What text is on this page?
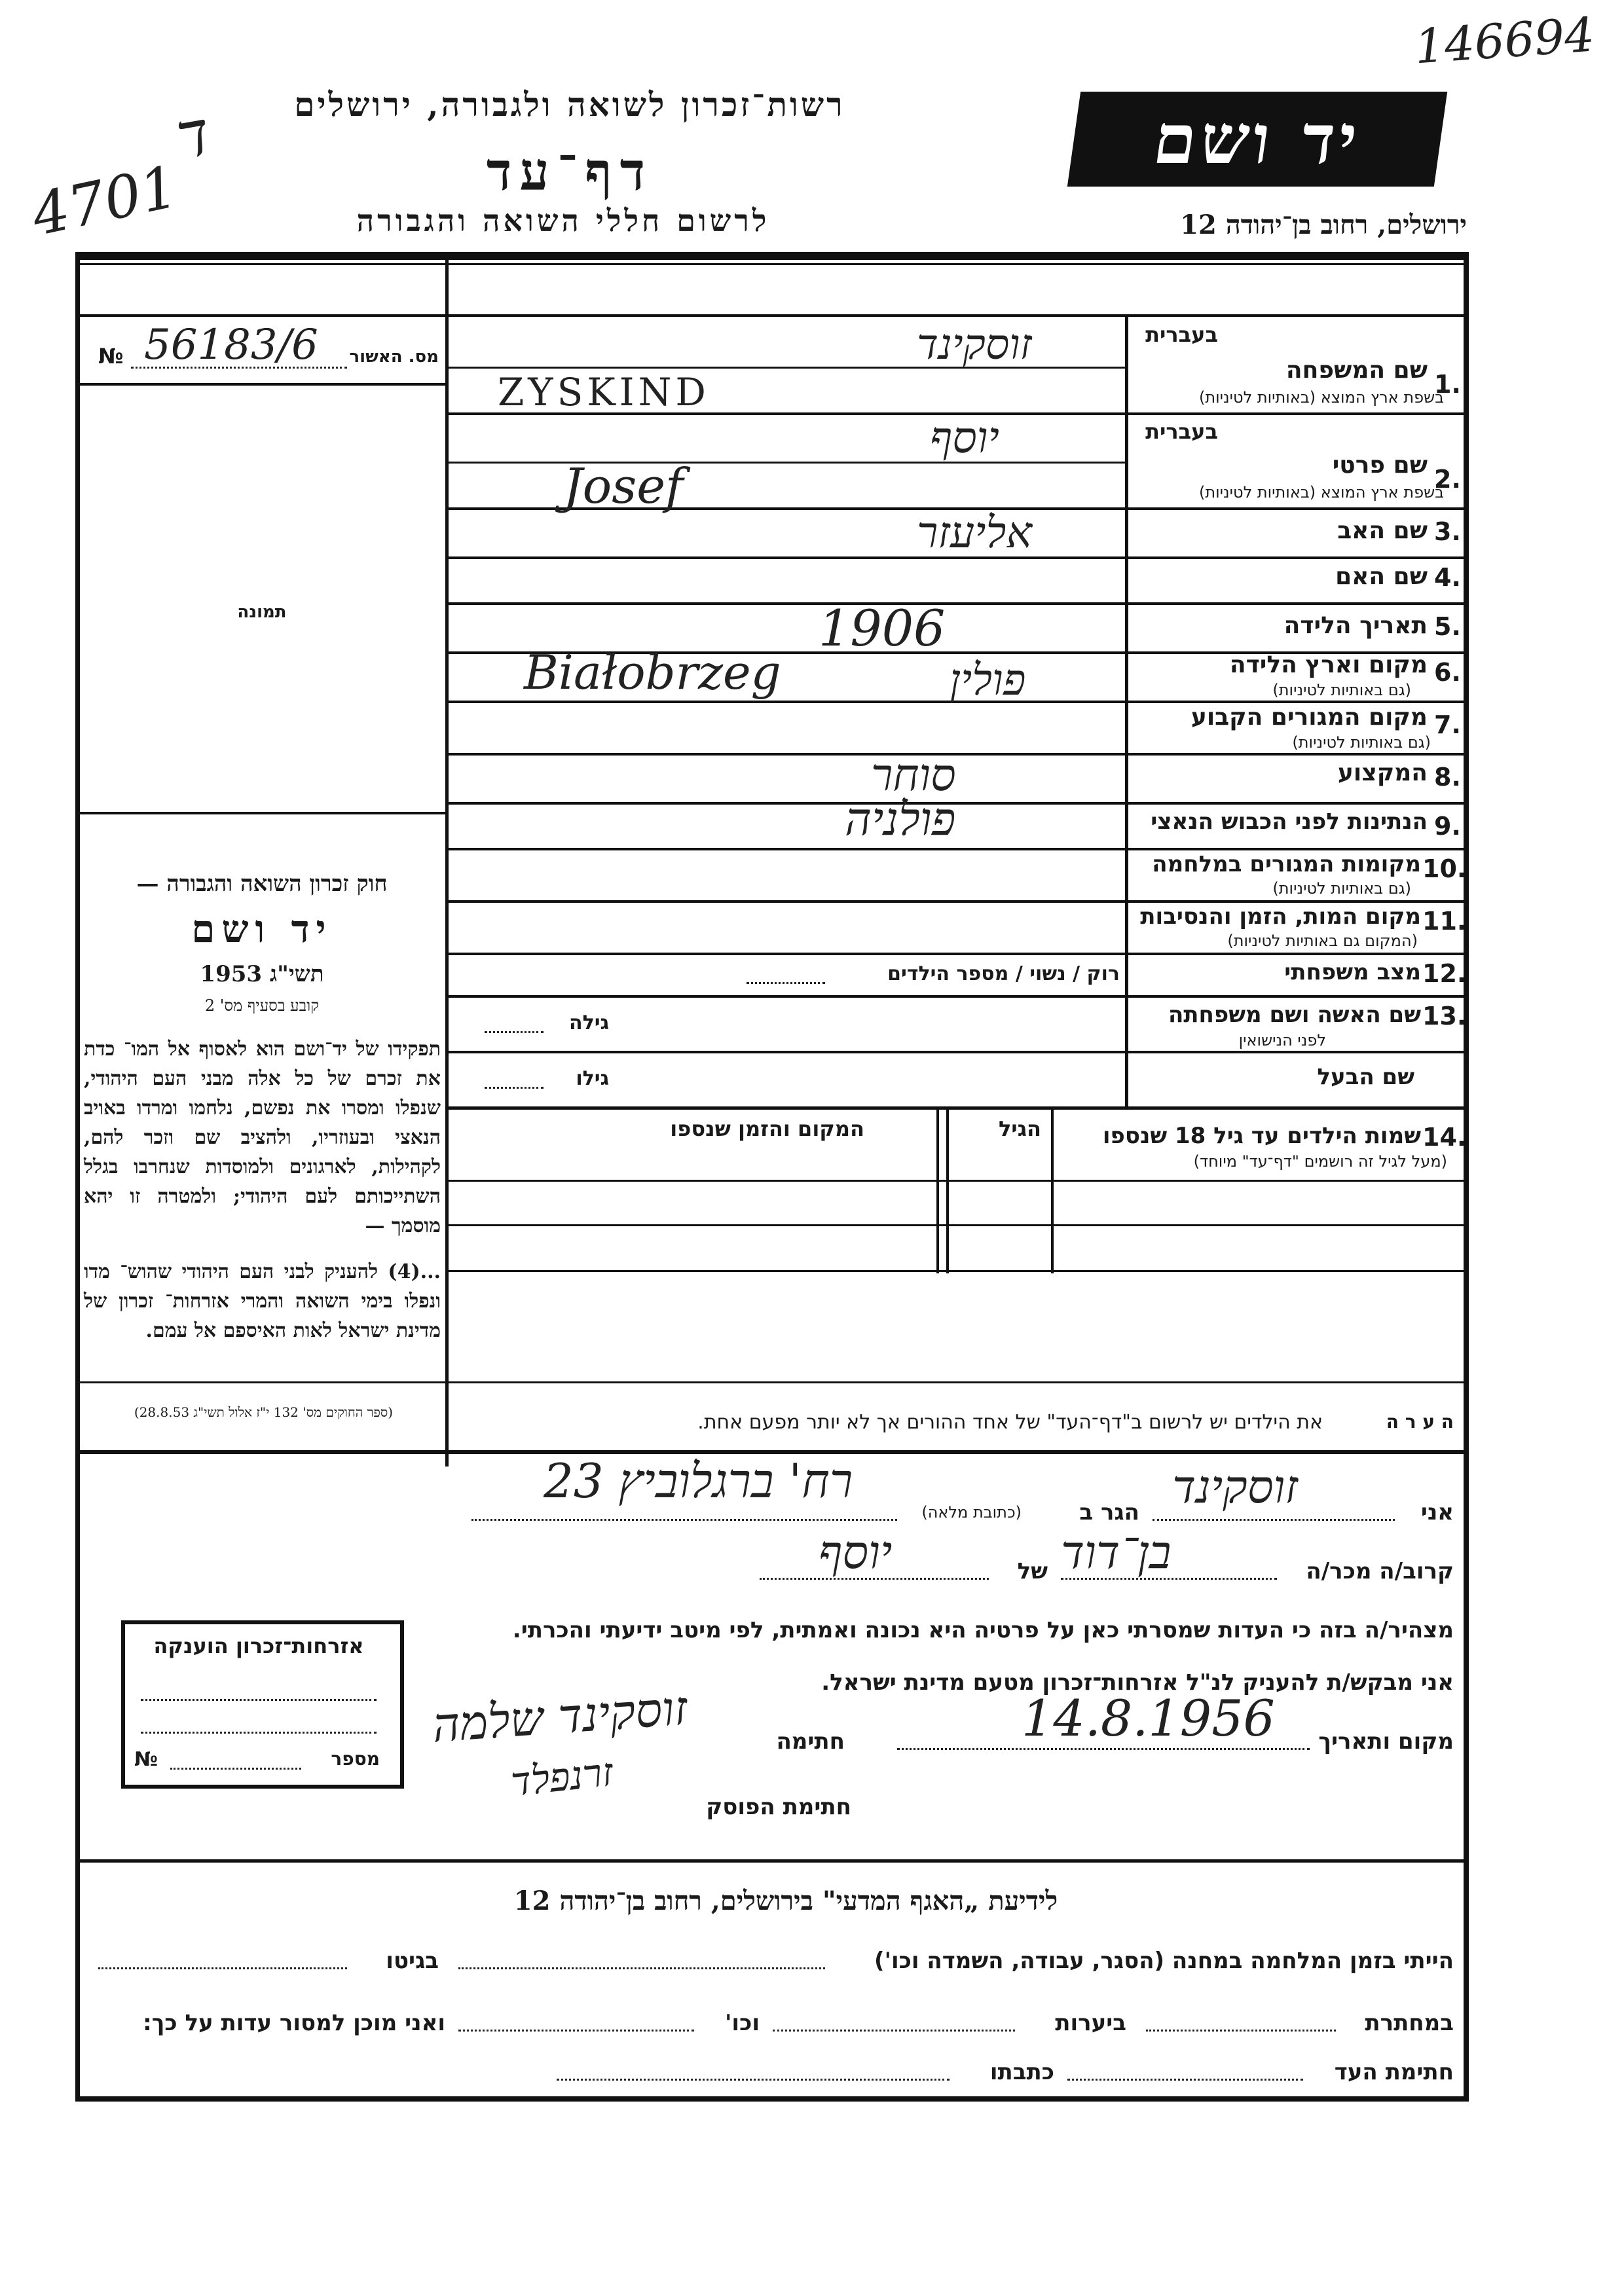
146694
4701
ד	רשות־זכרון לשואה ולגבורה, ירושלים
דף־עד
לרשום חללי השואה והגבורה
יד ושם
ירושלים, רחוב בן־יהודה 12
מס. האשור
№ 56183/6
תמונה
חוק זכרון השואה והגבורה —
יד ושם
תשי"ג 1953
קובע בסעיף מס' 2
תפקידו של יד־ושם הוא לאסוף אל המו־ כדת את זכרם של כל אלה מבני העם היהודי, שנפלו ומסרו את נפשם, נלחמו ומרדו באויב הנאצי ובעוזריו, ולהציב שם וזכר להם, לקהילות, לארגונים ולמוסדות שנחרבו בגלל השתייכותם לעם היהודי; ולמטרה זו יהא מוסמך —
...(4) להעניק לבני העם היהודי שהוש־ מדו ונפלו בימי השואה והמרי אזרחות־ זכרון של מדינת ישראל לאות האיספם אל עמם.
(ספר החוקים מס' 132 י"ז אלול תשי"ג 28.8.53)
1.
בעברית
שם המשפחה
בשפת ארץ המוצא (באותיות לטיניות)
זוסקינד
ZYSKIND
2.
בעברית
שם פרטי
בשפת ארץ המוצא (באותיות לטיניות)
יוסף
Josef
3.
שם האב
אליעזר
4.
שם האם
5.
תאריך הלידה
1906
6.
מקום וארץ הלידה
(גם באותיות לטיניות)
פולין
Białobrzeg
7.
מקום המגורים הקבוע
(גם באותיות לטיניות)
8.
המקצוע
סוחר
9.
הנתינות לפני הכבוש הנאצי
פולניה
10.
מקומות המגורים במלחמה
(גם באותיות לטיניות)
11.
מקום המות, הזמן והנסיבות
(המקום גם באותיות לטיניות)
12.
מצב משפחתי
רוק / נשוי / מספר הילדים
13.
שם האשה ושם משפחתה
לפני הנישואין
גילה
שם הבעל
גילו
14.
שמות הילדים עד גיל 18 שנספו
(מעל לגיל זה רושמים "דף־עד" מיוחד)
הגיל
המקום והזמן שנספו
ה ע ר ה
את הילדים יש לרשום ב"דף־העד" של אחד ההורים אך לא יותר מפעם אחת.
אני
זוסקינד
הגר ב
(כתובת מלאה)
רח' ברגלוביץ 23
קרוב/ה מכר/ה
בן־דוד
של
יוסף
מצהיר/ה בזה כי העדות שמסרתי כאן על פרטיה היא נכונה ואמתית, לפי מיטב ידיעתי והכרתי.
אני מבקש/ת להעניק לנ"ל אזרחות־זכרון מטעם מדינת ישראל.
מקום ותאריך
14.8.1956
חתימה
זוסקינד שלמה
זרנפלד
חתימת הפוסק
אזרחות־זכרון הוענקה
№	מספר
לידיעת „האגף המדעי" בירושלים, רחוב בן־יהודה 12
הייתי בזמן המלחמה במחנה (הסגר, עבודה, השמדה וכו')
בגיטו
במחתרת
ביערות
וכו'
ואני מוכן למסור עדות על כך:
חתימת העד
כתבתו
